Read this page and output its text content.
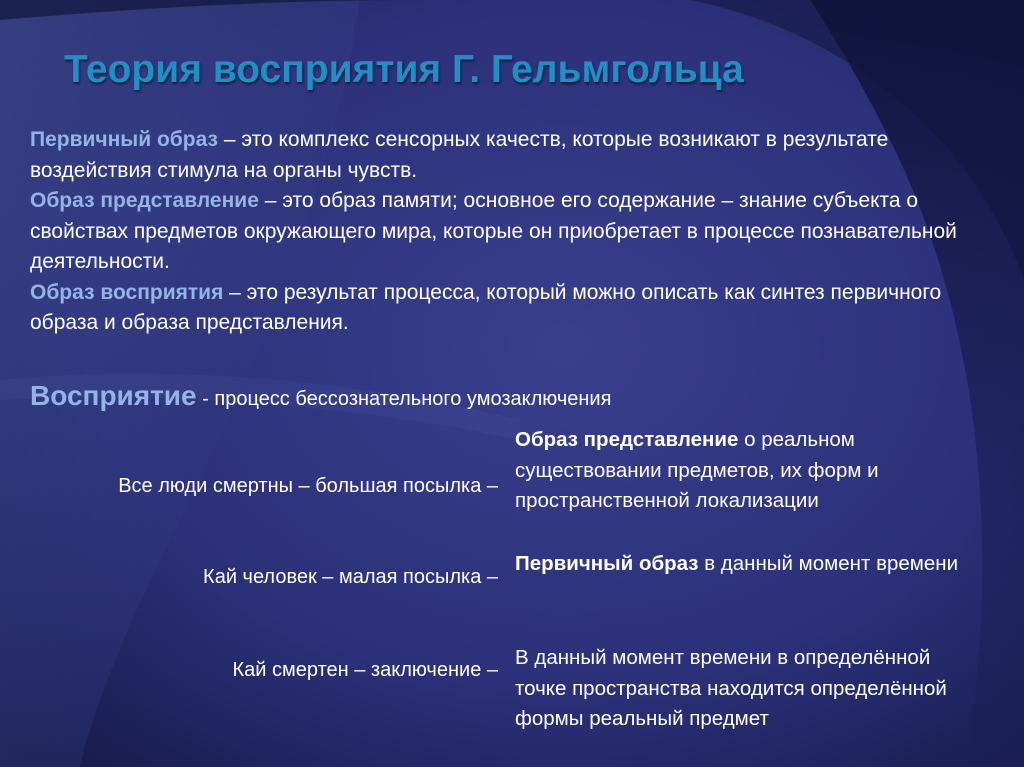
Теория восприятия Г. Гельмгольца
Первичный образ – это комплекс сенсорных качеств, которые возникают в результате воздействия стимула на органы чувств.
Образ представление – это образ памяти; основное его содержание – знание субъекта о свойствах предметов окружающего мира, которые он приобретает в процессе познавательной деятельности.
Образ восприятия – это результат процесса, который можно описать как синтез первичного образа и образа представления.
Восприятие - процесс бессознательного умозаключения
Все люди смертны – большая посылка –
Образ представление о реальном существовании предметов, их форм и пространственной локализации
Кай человек – малая посылка –
Первичный образ в данный момент времени
Кай смертен – заключение –
В данный момент времени в определённой точке пространства находится определённой формы реальный предмет
